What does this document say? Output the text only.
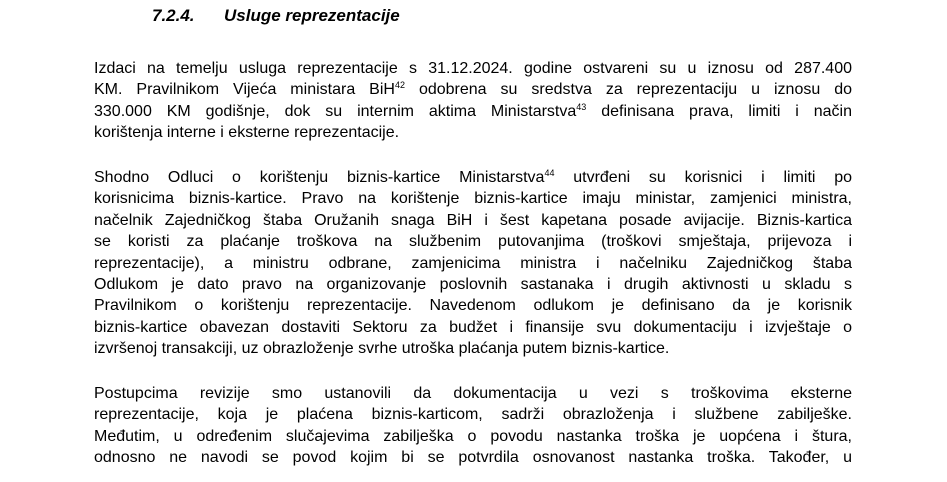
7.2.4. Usluge reprezentacije
Izdaci na temelju usluga reprezentacije s 31.12.2024. godine ostvareni su u iznosu od 287.400
KM. Pravilnikom Vijeća ministara BiH$^{42}$ odobrena su sredstva za reprezentaciju u iznosu do
330.000 KM godišnje, dok su internim aktima Ministarstva$^{43}$ definisana prava, limiti i način
korištenja interne i eksterne reprezentacije.
Shodno Odluci o korištenju biznis-kartice Ministarstva$^{44}$ utvrđeni su korisnici i limiti po
korisnicima biznis-kartice. Pravo na korištenje biznis-kartice imaju ministar, zamjenici ministra,
načelnik Zajedničkog štaba Oružanih snaga BiH i šest kapetana posade avijacije. Biznis-kartica
se koristi za plaćanje troškova na službenim putovanjima (troškovi smještaja, prijevoza i
reprezentacije), a ministru odbrane, zamjenicima ministra i načelniku Zajedničkog štaba
Odlukom je dato pravo na organizovanje poslovnih sastanaka i drugih aktivnosti u skladu s
Pravilnikom o korištenju reprezentacije. Navedenom odlukom je definisano da je korisnik
biznis-kartice obavezan dostaviti Sektoru za budžet i finansije svu dokumentaciju i izvještaje o
izvršenoj transakciji, uz obrazloženje svrhe utroška plaćanja putem biznis-kartice.
Postupcima revizije smo ustanovili da dokumentacija u vezi s troškovima eksterne
reprezentacije, koja je plaćena biznis-karticom, sadrži obrazloženja i službene zabilješke.
Međutim, u određenim slučajevima zabilješka o povodu nastanka troška je uopćena i štura,
odnosno ne navodi se povod kojim bi se potvrdila osnovanost nastanka troška. Također, u
